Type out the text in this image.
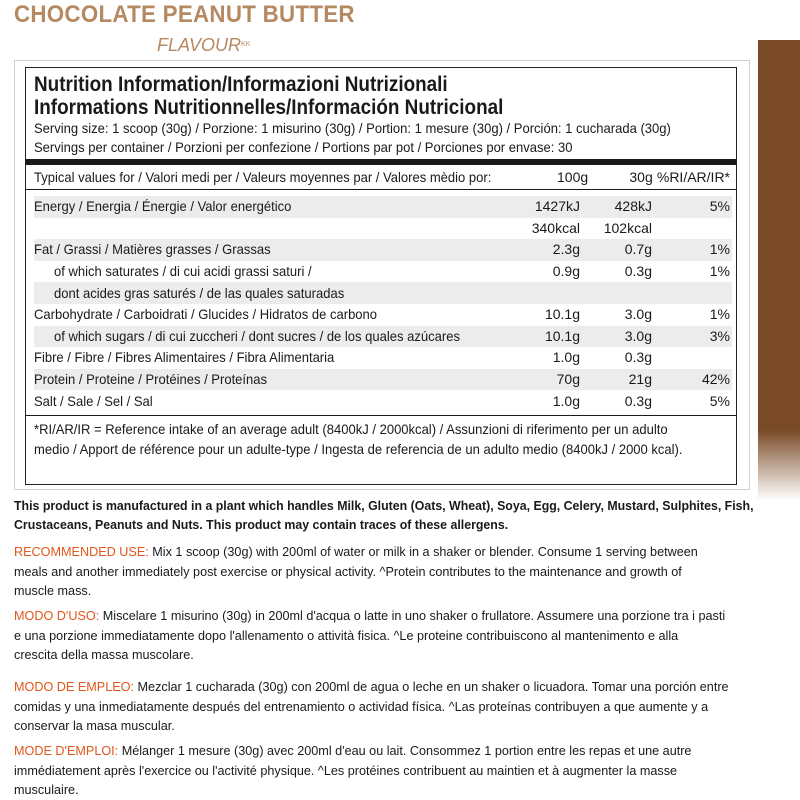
CHOCOLATE PEANUT BUTTER
$FLAVOUR^{KK}$
Nutrition Information/Informazioni Nutrizionali
Informations Nutritionnelles/Información Nutricional
Serving size: 1 scoop (30g) / Porzione: 1 misurino (30g) / Portion: 1 mesure (30g) / Porción: 1 cucharada (30g)
Servings per container / Porzioni per confezione / Portions par pot / Porciones por envase: 30
Typical values for / Valori medi per / Valeurs moyennes par / Valores mèdio por:	100g	30g	%RI/AR/IR*
Energy / Energia / Énergie / Valor energético	1427kJ	428kJ	5%
	340kcal	102kcal	
Fat / Grassi / Matières grasses / Grassas	2.3g	0.7g	1%
of which saturates / di cui acidi grassi saturi /	0.9g	0.3g	1%
dont acides gras saturés / de las quales saturadas			
Carbohydrate / Carboidrati / Glucides / Hidratos de carbono	10.1g	3.0g	1%
of which sugars / di cui zuccheri / dont sucres / de los quales azúcares	10.1g	3.0g	3%
Fibre / Fibre / Fibres Alimentaires / Fibra Alimentaria	1.0g	0.3g	
Protein / Proteine / Protéines / Proteínas	70g	21g	42%
Salt / Sale / Sel / Sal	1.0g	0.3g	5%
*RI/AR/IR = Reference intake of an average adult (8400kJ / 2000kcal) / Assunzioni di riferimento per un adulto
medio / Apport de référence pour un adulte-type / Ingesta de referencia de un adulto medio (8400kJ / 2000 kcal).
This product is manufactured in a plant which handles Milk, Gluten (Oats, Wheat), Soya, Egg, Celery, Mustard, Sulphites, Fish,
Crustaceans, Peanuts and Nuts. This product may contain traces of these allergens.
RECOMMENDED USE: Mix 1 scoop (30g) with 200ml of water or milk in a shaker or blender. Consume 1 serving between
meals and another immediately post exercise or physical activity. ^Protein contributes to the maintenance and growth of
muscle mass.
MODO D'USO: Miscelare 1 misurino (30g) in 200ml d'acqua o latte in uno shaker o frullatore. Assumere una porzione tra i pasti
e una porzione immediatamente dopo l'allenamento o attività fisica. ^Le proteine contribuiscono al mantenimento e alla
crescita della massa muscolare.
MODO DE EMPLEO: Mezclar 1 cucharada (30g) con 200ml de agua o leche en un shaker o licuadora. Tomar una porción entre
comidas y una inmediatamente después del entrenamiento o actividad física. ^Las proteínas contribuyen a que aumente y a
conservar la masa muscular.
MODE D'EMPLOI: Mélanger 1 mesure (30g) avec 200ml d'eau ou lait. Consommez 1 portion entre les repas et une autre
immédiatement après l'exercice ou l'activité physique. ^Les protéines contribuent au maintien et à augmenter la masse
musculaire.
